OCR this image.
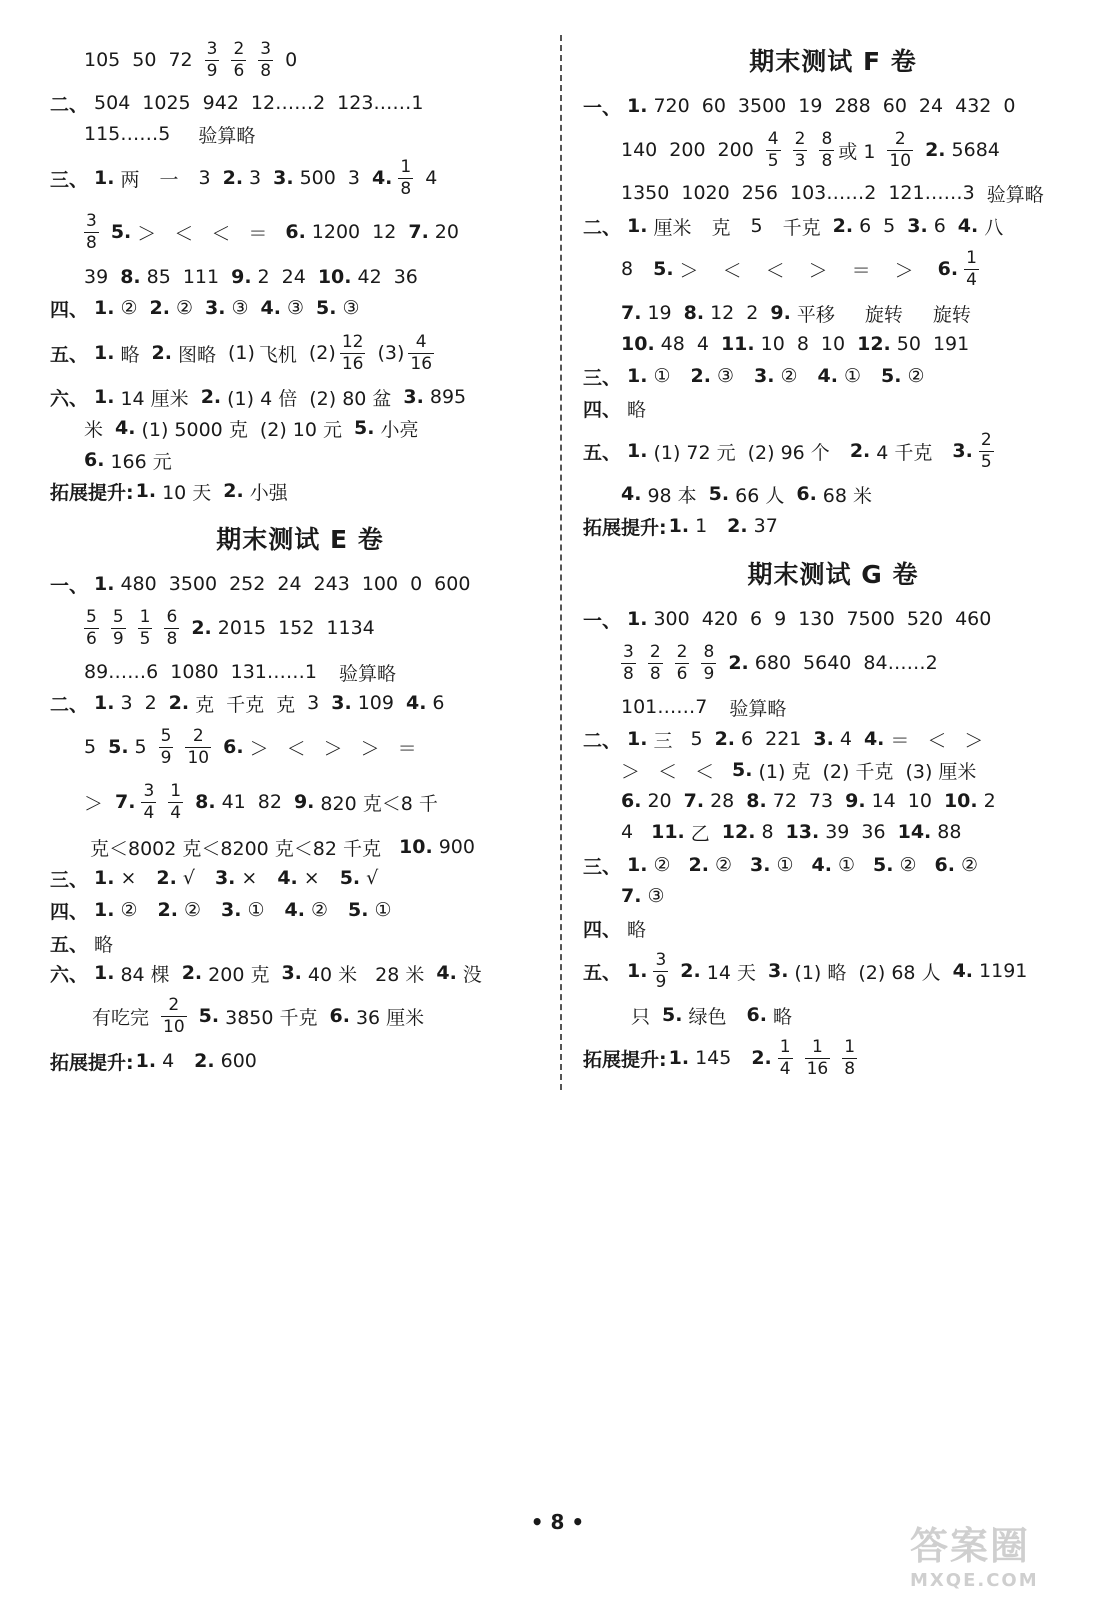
105 50 $72 \frac{3}{9} \frac{2}{6} \frac{3}{8} 0$
二、 504 1025 942 12……2 123……1
115……5 验算略
三、 1. 两 一 3 2. 3 3. 500 3 4. $\frac{1}{8} 4$
$\frac{3}{8} 5$. ＞ ＜ ＜ ＝ 6. 1200 12 7. 20
39 8. 85 111 9. 2 24 10. 42 36
四、 1. ② 2. ② 3. ③ 4. ③ 5. ③
五、 1. 略 2. 图略 (1) 飞机 $(2) \frac{12}{16} (3) \frac{4}{16}$
六、 1. 14 厘米 2. (1) 4 倍 (2) 80 盆 3. 895
米 4. (1) 5000 克 (2) 10 元 5. 小亮
6. 166 元
拓展提升: 1. 10 天 2. 小强
期末测试 E 卷
一、 1. 480 3500 252 24 243 100 0 600
$\frac{5}{6} \frac{5}{9} \frac{1}{5} \frac{6}{8} 2$. 2015 152 1134
89……6 1080 131……1 验算略
二、 1. 3 2 2. 克 千克 克 3 3. 109 4. 6
5 5. $5 \frac{5}{9} \frac{2}{10} 6$. ＞ ＜ ＞ ＞ ＝
＞ 7. $\frac{3}{4} \frac{1}{4} 8$. 41 82 9. 820 克＜8 千
克＜8002 克＜8200 克＜82 千克 10. 900
三、 1. × 2. √ 3. × 4. × 5. √
四、 1. ② 2. ② 3. ① 4. ② 5. ①
五、 略
六、 1. 84 棵 2. 200 克 3. 40 米 28 米 4. 没
有吃完 $\frac{2}{10} 5$. 3850 千克 6. 36 厘米
拓展提升: 1. 4 2. 600
期末测试 F 卷
一、 1. 720 60 3500 19 288 60 24 432 0
140 200 $200 \frac{4}{5} \frac{2}{3} \frac{8}{8}$ 或 $1 \frac{2}{10} 2$. 5684
1350 1020 256 103……2 121……3 验算略
二、 1. 厘米 克 5 千克 2. 6 5 3. 6 4. 八
8 5. ＞ ＜ ＜ ＞ ＝ ＞ 6. $\frac{1}{4}$
7. 19 8. 12 2 9. 平移 旋转 旋转
10. 48 4 11. 10 8 10 12. 50 191
三、 1. ① 2. ③ 3. ② 4. ① 5. ②
四、 略
五、 1. (1) 72 元 (2) 96 个 2. 4 千克 3. $\frac{2}{5}$
4. 98 本 5. 66 人 6. 68 米
拓展提升: 1. 1 2. 37
期末测试 G 卷
一、 1. 300 420 6 9 130 7500 520 460
$\frac{3}{8} \frac{2}{8} \frac{2}{6} \frac{8}{9} 2$. 680 5640 84……2
101……7 验算略
二、 1. 三 5 2. 6 221 3. 4 4. ＝ ＜ ＞
＞ ＜ ＜ 5. (1) 克 (2) 千克 (3) 厘米
6. 20 7. 28 8. 72 73 9. 14 10 10. 2
4 11. 乙 12. 8 13. 39 36 14. 88
三、 1. ② 2. ② 3. ① 4. ① 5. ② 6. ②
7. ③
四、 略
五、 1. $\frac{3}{9} 2$. 14 天 3. (1) 略 (2) 68 人 4. 1191
只 5. 绿色 6. 略
拓展提升: 1. 145 2. $\frac{1}{4} \frac{1}{16} \frac{1}{8}$
• 8 •
答案圈
MXQE.COM
